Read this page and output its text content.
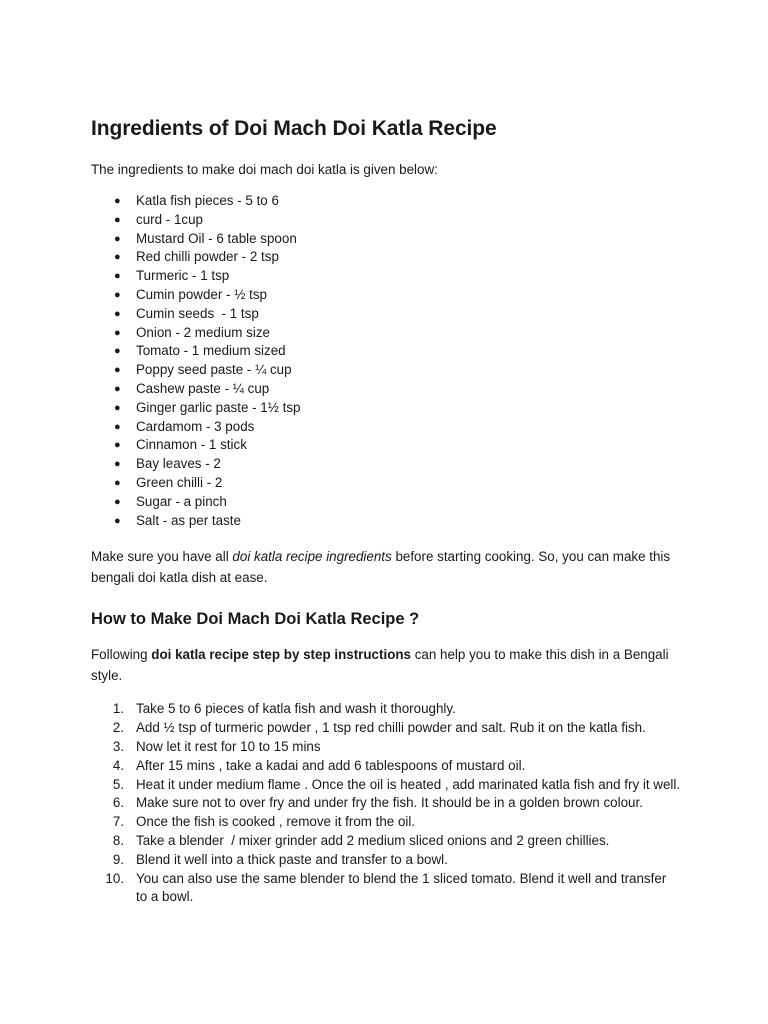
Ingredients of Doi Mach Doi Katla Recipe

The ingredients to make doi mach doi katla is given below:

● Katla fish pieces - 5 to 6
● curd - 1cup
● Mustard Oil - 6 table spoon
● Red chilli powder - 2 tsp
● Turmeric - 1 tsp
● Cumin powder - ½ tsp
● Cumin seeds  - 1 tsp
● Onion - 2 medium size
● Tomato - 1 medium sized
● Poppy seed paste - ¼ cup
● Cashew paste - ¼ cup
● Ginger garlic paste - 1½ tsp
● Cardamom - 3 pods
● Cinnamon - 1 stick
● Bay leaves - 2
● Green chilli - 2
● Sugar - a pinch
● Salt - as per taste

Make sure you have all doi katla recipe ingredients before starting cooking. So, you can make this bengali doi katla dish at ease.

How to Make Doi Mach Doi Katla Recipe ?

Following doi katla recipe step by step instructions can help you to make this dish in a Bengali style.

1. Take 5 to 6 pieces of katla fish and wash it thoroughly.
2. Add ½ tsp of turmeric powder , 1 tsp red chilli powder and salt. Rub it on the katla fish.
3. Now let it rest for 10 to 15 mins
4. After 15 mins , take a kadai and add 6 tablespoons of mustard oil.
5. Heat it under medium flame . Once the oil is heated , add marinated katla fish and fry it well.
6. Make sure not to over fry and under fry the fish. It should be in a golden brown colour.
7. Once the fish is cooked , remove it from the oil.
8. Take a blender  / mixer grinder add 2 medium sliced onions and 2 green chillies.
9. Blend it well into a thick paste and transfer to a bowl.
10. You can also use the same blender to blend the 1 sliced tomato. Blend it well and transfer to a bowl.
